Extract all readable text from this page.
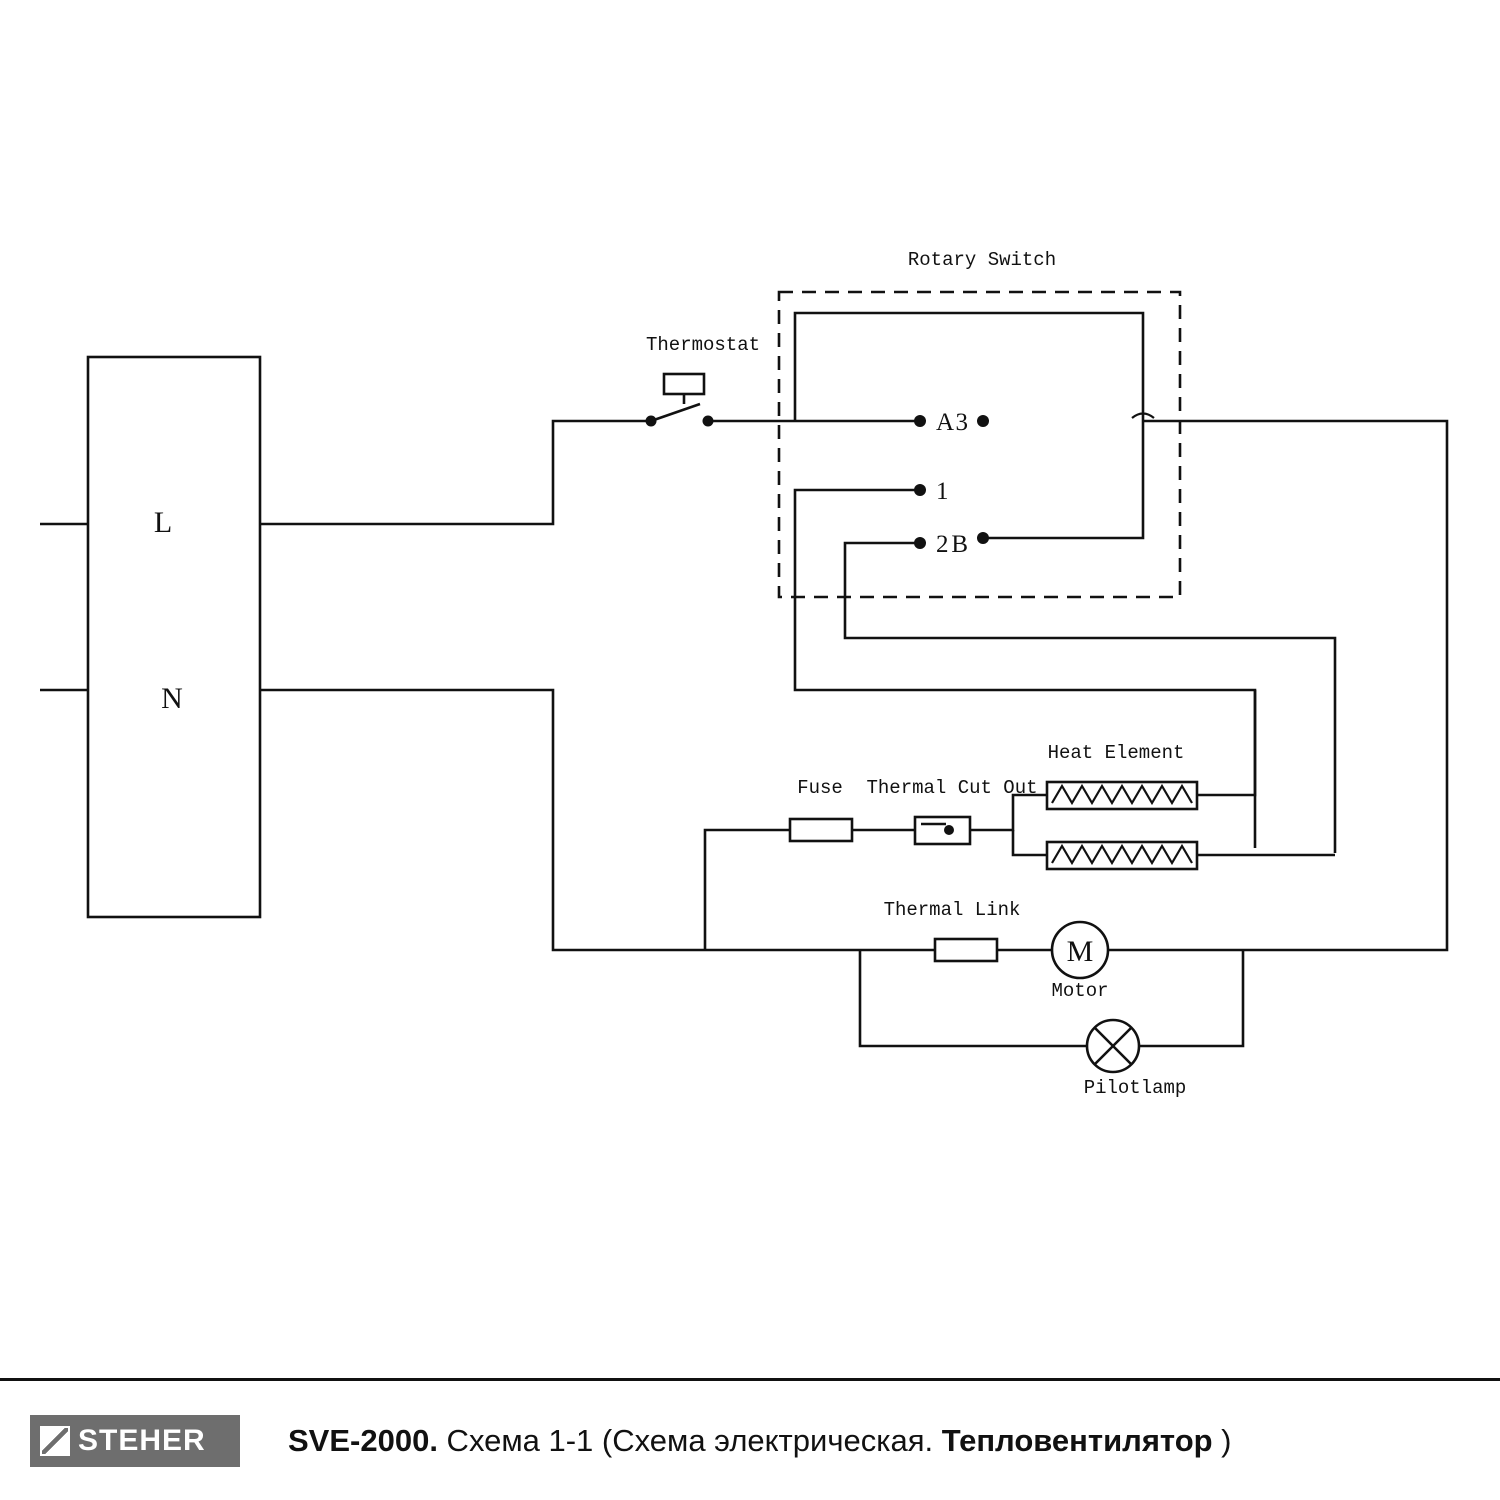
L
N
Thermostat
Rotary Switch
A 3
1
2 B
Fuse Thermal Cut Out
Heat Element
Thermal Link
M
Motor
Pilotlamp
STEHER	SVE-2000. Схема 1-1 (Схема электрическая. Тепловентилятор )
